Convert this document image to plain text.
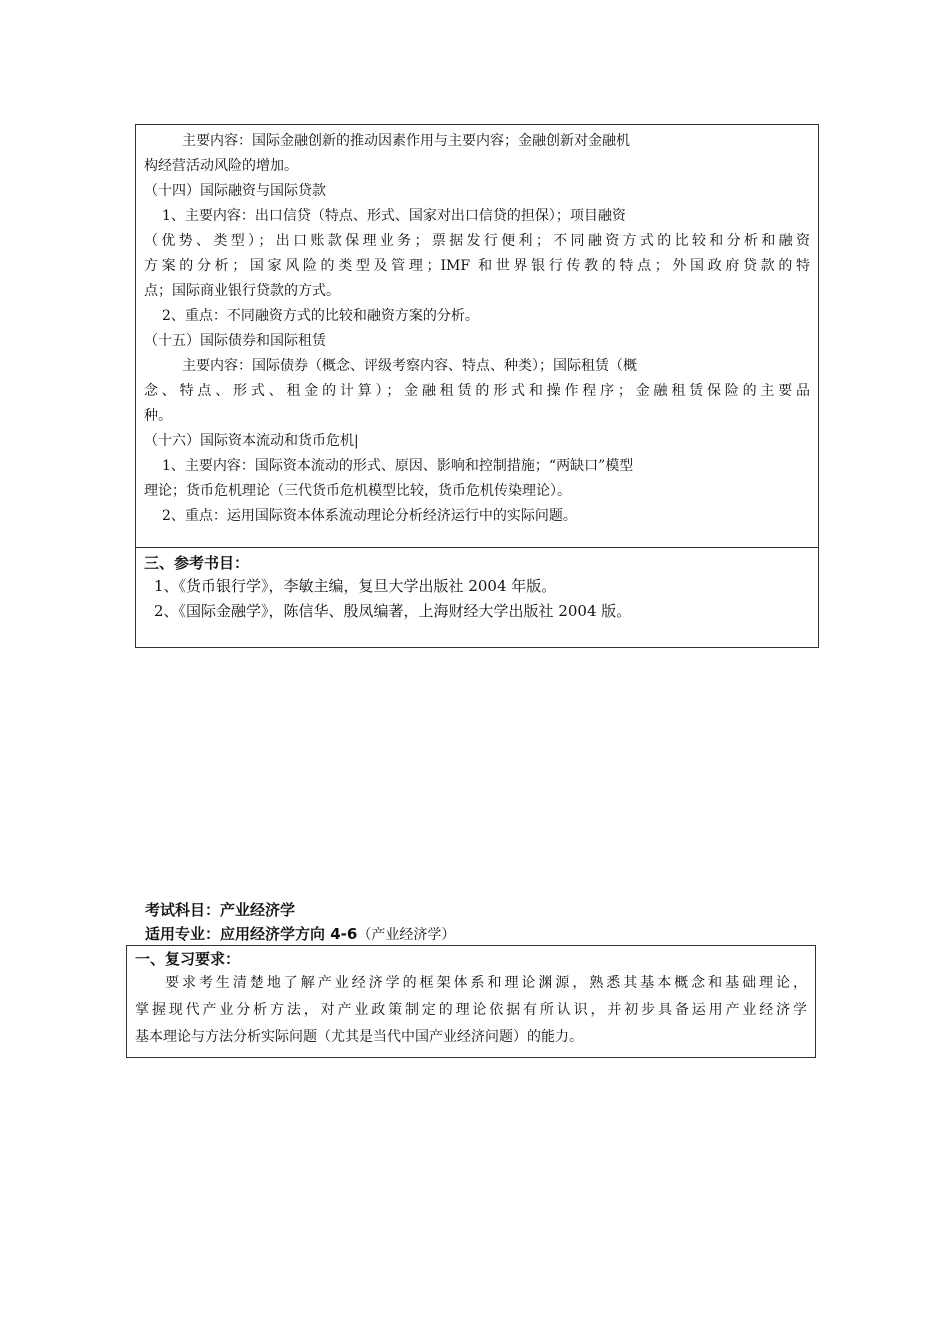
主要内容：国际金融创新的推动因素作用与主要内容；金融创新对金融机
构经营活动风险的增加。
（十四）国际融资与国际贷款
1、主要内容：出口信贷（特点、形式、国家对出口信贷的担保）；项目融资
（优势、类型）；出口账款保理业务；票据发行便利；不同融资方式的比较和分析和融资
方案的分析；国家风险的类型及管理；IMF 和世界银行传教的特点；外国政府贷款的特
点；国际商业银行贷款的方式。
2、重点：不同融资方式的比较和融资方案的分析。
（十五）国际债券和国际租赁
主要内容：国际债券（概念、评级考察内容、特点、种类）；国际租赁（概
念、特点、形式、租金的计算）；金融租赁的形式和操作程序；金融租赁保险的主要品
种。
（十六）国际资本流动和货币危机|
1、主要内容：国际资本流动的形式、原因、影响和控制措施；“两缺口”模型
理论；货币危机理论（三代货币危机模型比较，货币危机传染理论）。
2、重点：运用国际资本体系流动理论分析经济运行中的实际问题。
三、参考书目：
1、《货币银行学》，李敏主编，复旦大学出版社 2004 年版。
2、《国际金融学》，陈信华、殷凤编著，上海财经大学出版社 2004 版。
考试科目：产业经济学
适用专业：应用经济学方向 4-6（产业经济学）
一、复习要求：
要求考生清楚地了解产业经济学的框架体系和理论渊源，熟悉其基本概念和基础理论，
掌握现代产业分析方法，对产业政策制定的理论依据有所认识，并初步具备运用产业经济学
基本理论与方法分析实际问题（尤其是当代中国产业经济问题）的能力。
